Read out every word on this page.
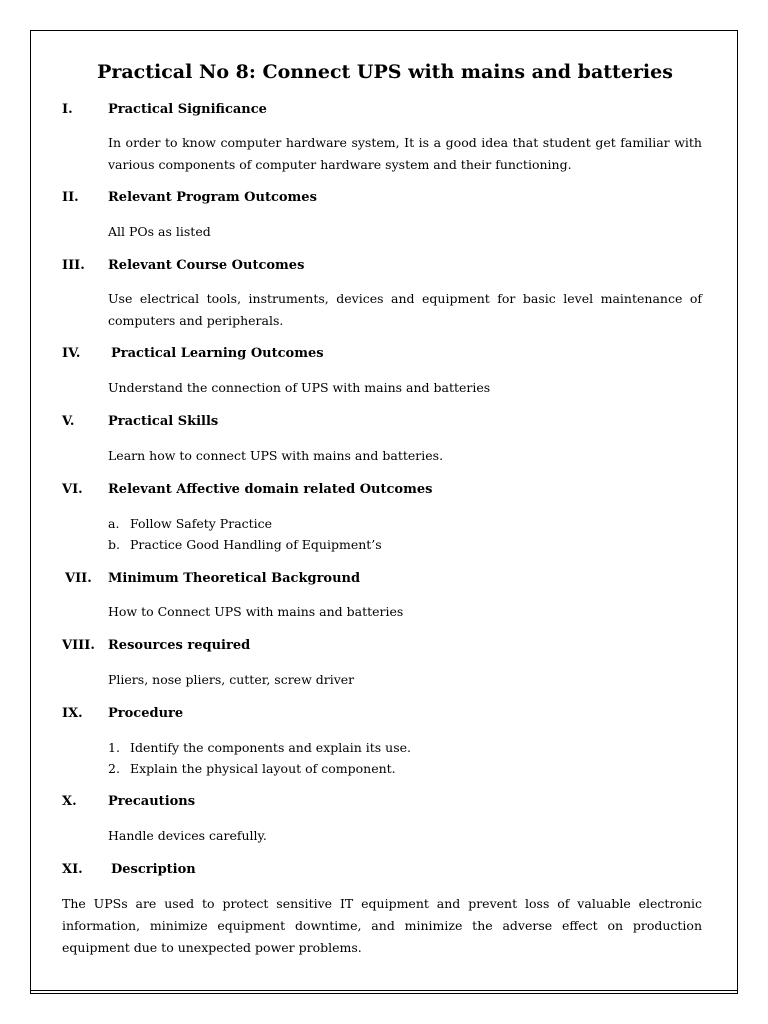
Practical No 8: Connect UPS with mains and batteries
I.	Practical Significance
In order to know computer hardware system, It is a good idea that student get familiar with various components of computer hardware system and their functioning.
II. Relevant Program Outcomes
All POs as listed
III. Relevant Course Outcomes
Use electrical tools, instruments, devices and equipment for basic level maintenance of computers and peripherals.
IV. Practical Learning Outcomes
Understand the connection of UPS with mains and batteries
V.	Practical Skills
Learn how to connect UPS with mains and batteries.
VI. Relevant Affective domain related Outcomes
a. Follow Safety Practice
b. Practice Good Handling of Equipment’s
VII. Minimum Theoretical Background
How to Connect UPS with mains and batteries
VIII. Resources required
Pliers, nose pliers, cutter, screw driver
IX. Procedure
1. Identify the components and explain its use.
2. Explain the physical layout of component.
X. Precautions
Handle devices carefully.
XI. Description
The UPSs are used to protect sensitive IT equipment and prevent loss of valuable electronic information, minimize equipment downtime, and minimize the adverse effect on production equipment due to unexpected power problems.
